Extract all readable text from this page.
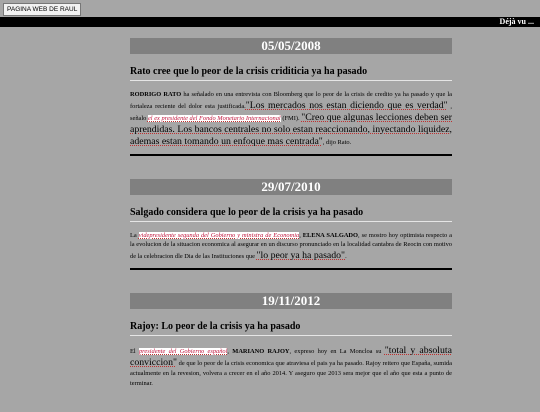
PAGINA WEB DE RAUL
Déjà vu ...
05/05/2008
Rato cree que lo peor de la crisis criditicia ya ha pasado
RODRIGO RATO ha señalado en una entrevista con Bloomberg que lo peor de la crisis de credito ya ha pasado y que la fortaleza reciente del dolor esta justificada."Los mercados nos estan diciendo que es verdad" , señalo el ex presidente del Fondo Monetario Internacional (FMI). "Creo que algunas lecciones deben ser aprendidas. Los bancos centrales no solo estan reaccionando, inyectando liquidez, ademas estan tomando un enfoque mas centrada", dijo Rato.
29/07/2010
Salgado considera que lo peor de la crisis ya ha pasado
La videpresidente segunda del Gobierno y ministra de Economia, ELENA SALGADO, se mostro hoy optimista respecto a la evolucion de la situacion economica al asegurar en un discurso pronunciado en la localidad cantabra de Reocin con motivo de la celebracion dle Dia de las Instituciones que "lo peor ya ha pasado".
19/11/2012
Rajoy: Lo peor de la crisis ya ha pasado
El presidente del Gobierno español, MARIANO RAJOY, expreso hoy en La Moncloa su "total y absoluta conviccion" de que lo peor de la crisis economica que atraviesa el pais ya ha pasado. Rajoy reitero que España, sumida actualmente en la revesion, volvera a crecer en el año 2014. Y aseguro que 2013 sera mejor que el año que esta a punto de terminar.
